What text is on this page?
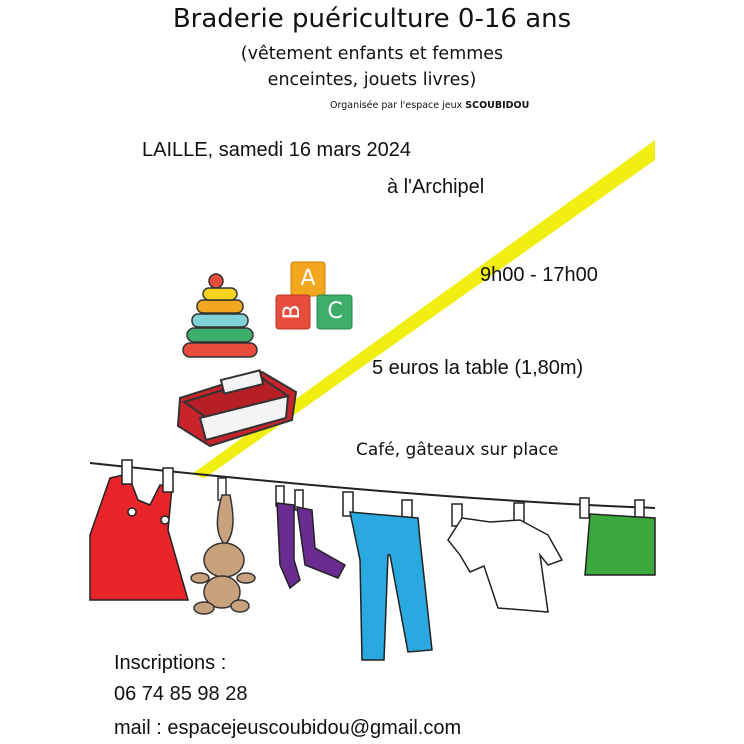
A
B C
Braderie puériculture 0-16 ans
(vêtement enfants et femmes
enceintes, jouets livres)
Organisée par l'espace jeux SCOUBIDOU
LAILLE, samedi 16 mars 2024
à l'Archipel
9h00 - 17h00
5 euros la table (1,80m)
Café, gâteaux sur place
Inscriptions :
06 74 85 98 28
mail : espacejeuscoubidou@gmail.com
